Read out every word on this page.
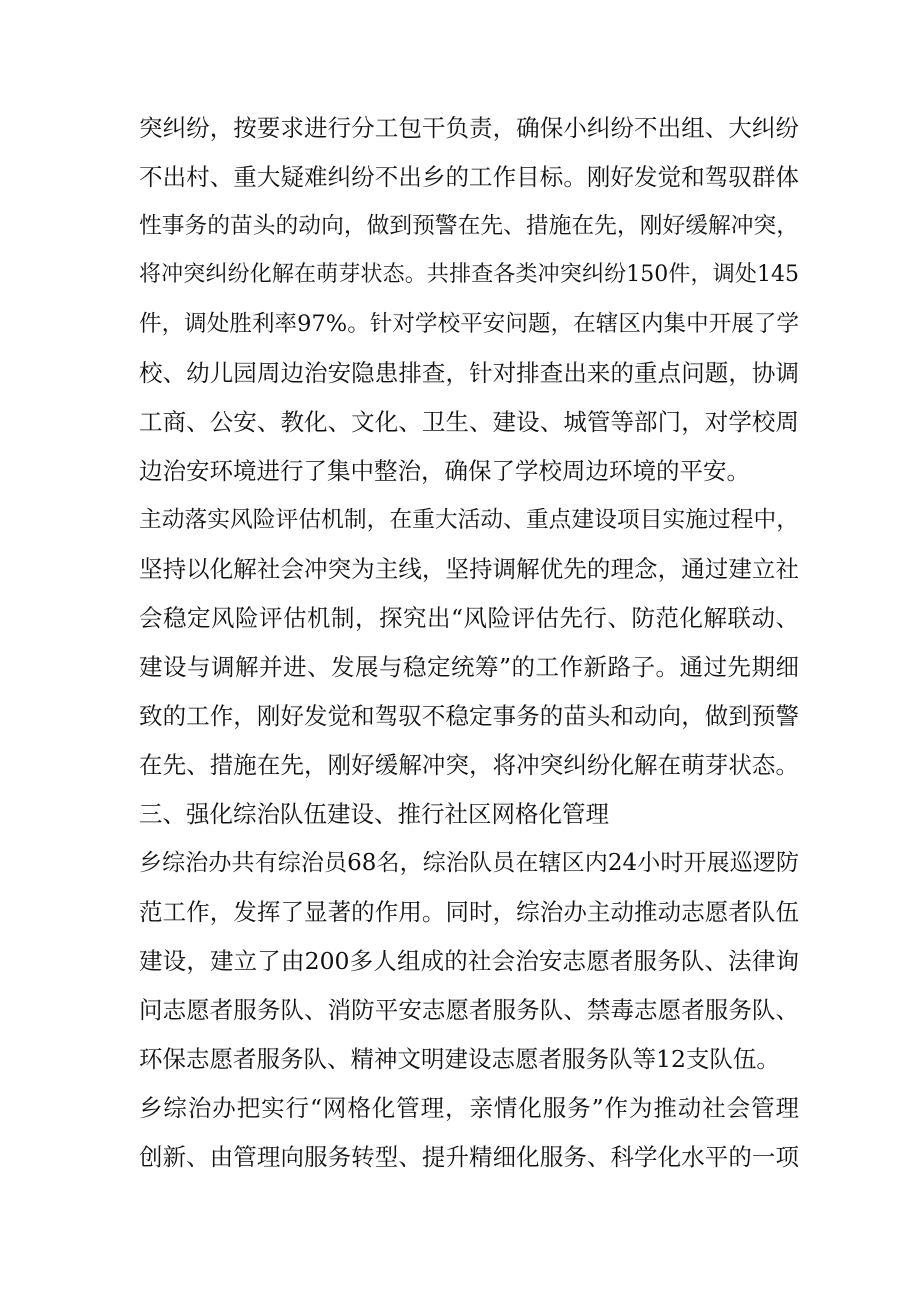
突纠纷，按要求进行分工包干负责，确保小纠纷不出组、大纠纷
不出村、重大疑难纠纷不出乡的工作目标。刚好发觉和驾驭群体
性事务的苗头的动向，做到预警在先、措施在先，刚好缓解冲突，
将冲突纠纷化解在萌芽状态。共排查各类冲突纠纷150件，调处145
件，调处胜利率97%。针对学校平安问题，在辖区内集中开展了学
校、幼儿园周边治安隐患排查，针对排查出来的重点问题，协调
工商、公安、教化、文化、卫生、建设、城管等部门，对学校周
边治安环境进行了集中整治，确保了学校周边环境的平安。
主动落实风险评估机制，在重大活动、重点建设项目实施过程中，
坚持以化解社会冲突为主线，坚持调解优先的理念，通过建立社
会稳定风险评估机制，探究出“风险评估先行、防范化解联动、
建设与调解并进、发展与稳定统筹”的工作新路子。通过先期细
致的工作，刚好发觉和驾驭不稳定事务的苗头和动向，做到预警
在先、措施在先，刚好缓解冲突，将冲突纠纷化解在萌芽状态。
三、强化综治队伍建设、推行社区网格化管理
乡综治办共有综治员68名，综治队员在辖区内24小时开展巡逻防
范工作，发挥了显著的作用。同时，综治办主动推动志愿者队伍
建设，建立了由200多人组成的社会治安志愿者服务队、法律询
问志愿者服务队、消防平安志愿者服务队、禁毒志愿者服务队、
环保志愿者服务队、精神文明建设志愿者服务队等12支队伍。
乡综治办把实行“网格化管理，亲情化服务”作为推动社会管理
创新、由管理向服务转型、提升精细化服务、科学化水平的一项
